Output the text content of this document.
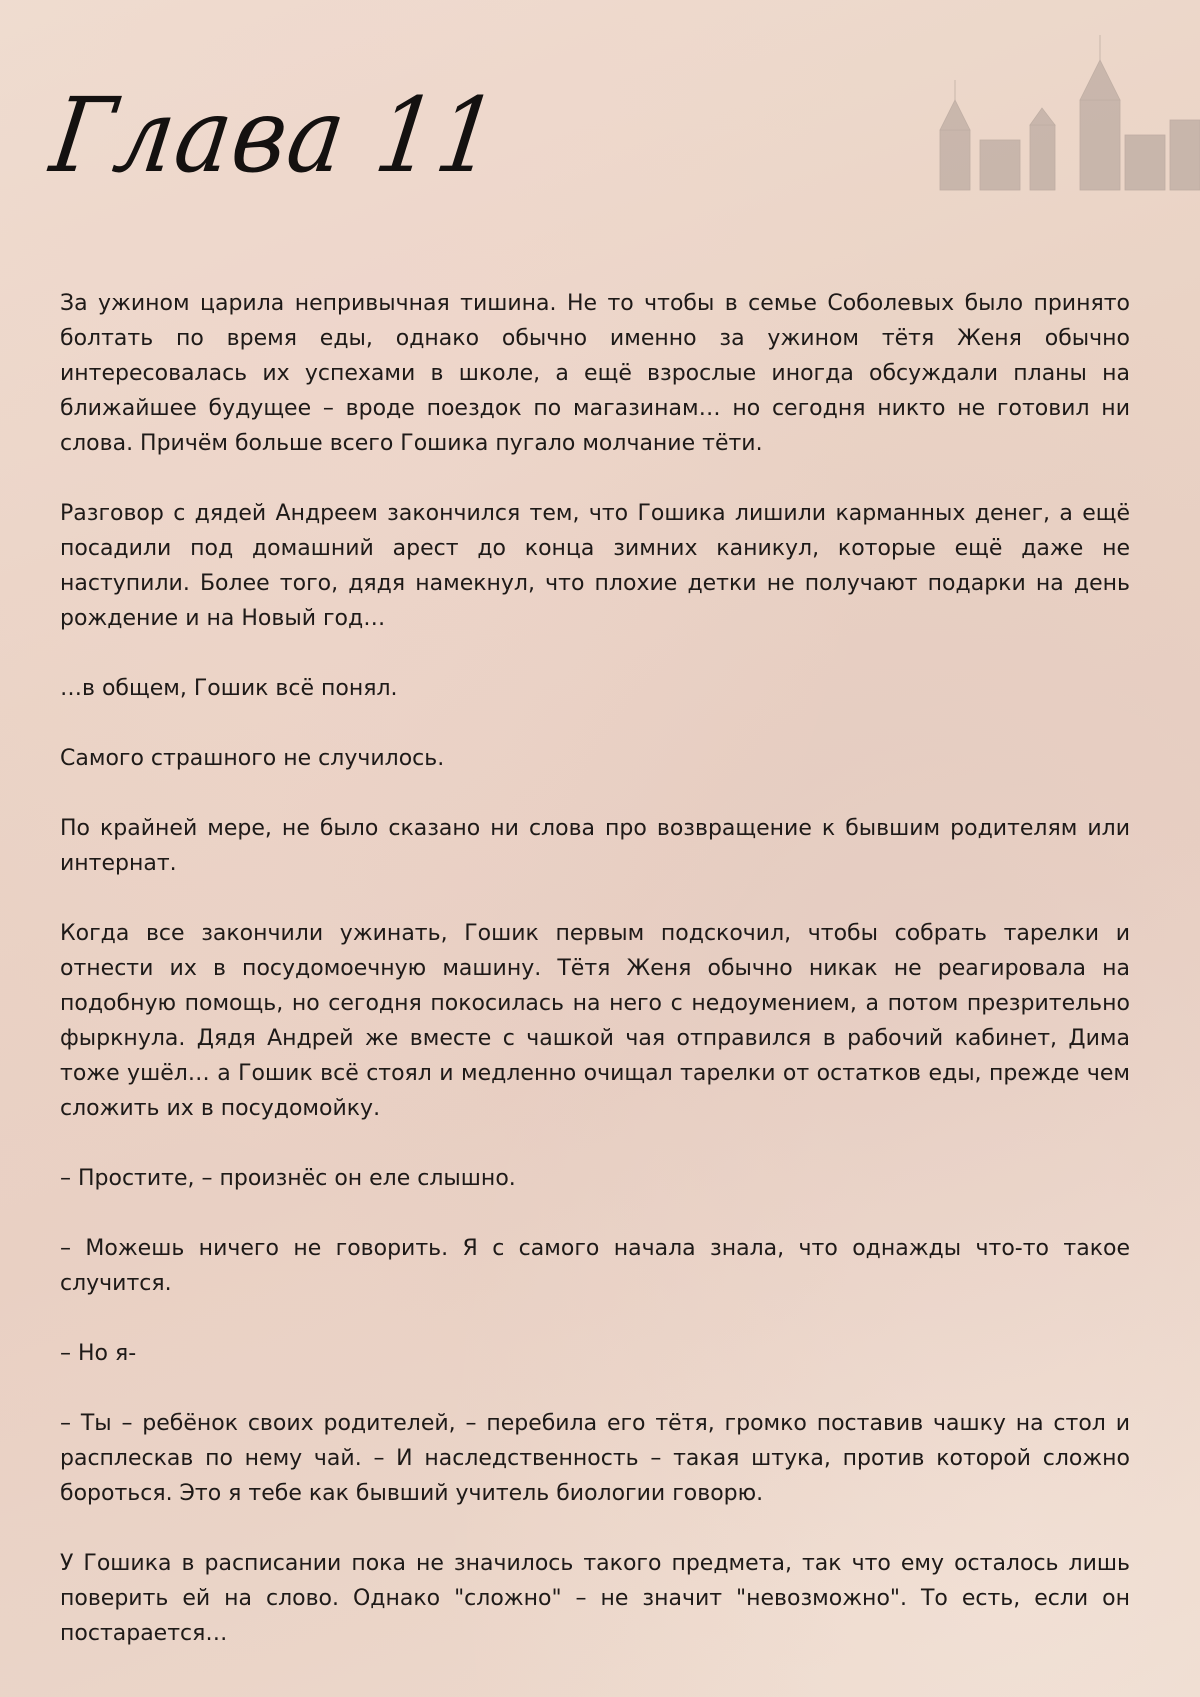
Глава 11

За ужином царила непривычная тишина. Не то чтобы в семье Соболевых было принято болтать по время еды, однако обычно именно за ужином тётя Женя обычно интересовалась их успехами в школе, а ещё взрослые иногда обсуждали планы на ближайшее будущее – вроде поездок по магазинам… но сегодня никто не готовил ни слова. Причём больше всего Гошика пугало молчание тёти.

Разговор с дядей Андреем закончился тем, что Гошика лишили карманных денег, а ещё посадили под домашний арест до конца зимних каникул, которые ещё даже не наступили. Более того, дядя намекнул, что плохие детки не получают подарки на день рождение и на Новый год…

…в общем, Гошик всё понял.

Самого страшного не случилось.

По крайней мере, не было сказано ни слова про возвращение к бывшим родителям или интернат.

Когда все закончили ужинать, Гошик первым подскочил, чтобы собрать тарелки и отнести их в посудомоечную машину. Тётя Женя обычно никак не реагировала на подобную помощь, но сегодня покосилась на него с недоумением, а потом презрительно фыркнула. Дядя Андрей же вместе с чашкой чая отправился в рабочий кабинет, Дима тоже ушёл… а Гошик всё стоял и медленно очищал тарелки от остатков еды, прежде чем сложить их в посудомойку.

– Простите, – произнёс он еле слышно.

– Можешь ничего не говорить. Я с самого начала знала, что однажды что-то такое случится.

– Но я-

– Ты – ребёнок своих родителей, – перебила его тётя, громко поставив чашку на стол и расплескав по нему чай. – И наследственность – такая штука, против которой сложно бороться. Это я тебе как бывший учитель биологии говорю.

У Гошика в расписании пока не значилось такого предмета, так что ему осталось лишь поверить ей на слово. Однако "сложно" – не значит "невозможно". То есть, если он постарается…
